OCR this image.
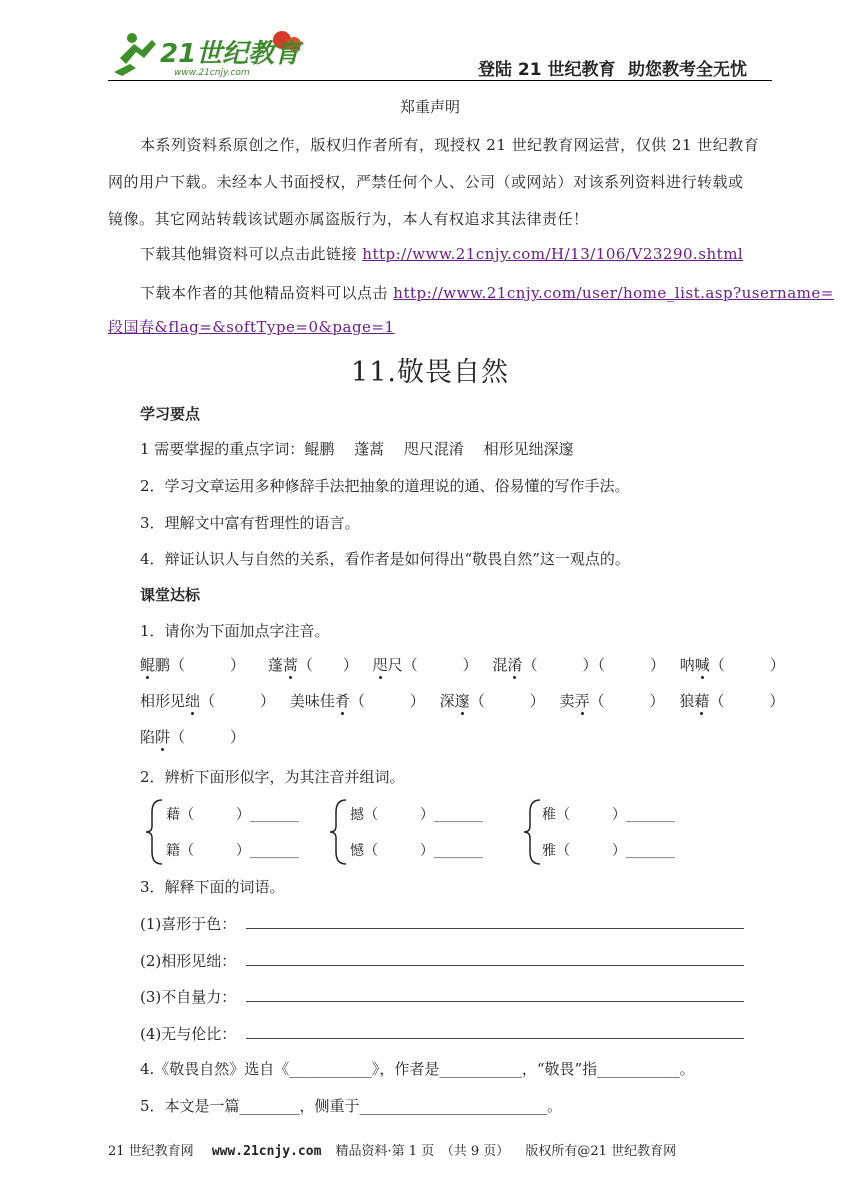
21世纪教育
www.21cnjy.com	登陆 21 世纪教育 助您教考全无忧
郑重声明
本系列资料系原创之作，版权归作者所有，现授权 21 世纪教育网运营，仅供 21 世纪教育
网的用户下载。未经本人书面授权，严禁任何个人、公司（或网站）对该系列资料进行转载或
镜像。其它网站转载该试题亦属盗版行为，本人有权追求其法律责任！
下载其他辑资料可以点击此链接 http://www.21cnjy.com/H/13/106/V23290.shtml
下载本作者的其他精品资料可以点击 http://www.21cnjy.com/user/home_list.asp?username=
段国春&flag=&softType=0&page=1
11.敬畏自然
学习要点
1 需要掌握的重点字词：鲲鹏　 蓬蒿　 咫尺混淆　 相形见绌深邃
2．学习文章运用多种修辞手法把抽象的道理说的通、俗易懂的写作手法。
3．理解文中富有哲理性的语言。
4．辩证认识人与自然的关系，看作者是如何得出“敬畏自然”这一观点的。
课堂达标
1．请你为下面加点字注音。
鲲鹏（　　　） 蓬蒿（　　） 咫尺（　　　） 混淆（　　　）（　　　） 呐喊（　　　）
相形见绌（　　　） 美味佳肴（　　　） 深邃（　　　） 卖弄（　　　） 狼藉（　　　）
陷阱（　　　）
2．辨析下面形似字，为其注音并组词。
藉（　　　）_______
籍（　　　）_______
撼（　　　）_______
憾（　　　）_______
稚（　　　）_______
雅（　　　）_______
3．解释下面的词语。
(1)喜形于色：
(2)相形见绌：
(3)不自量力：
(4)无与伦比：
4.《敬畏自然》选自《___________》，作者是___________，“敬畏”指___________。
5．本文是一篇________，侧重于_________________________。
21 世纪教育网 www.21cnjy.com 精品资料·第 1 页　（共 9 页） 版权所有@21 世纪教育网
